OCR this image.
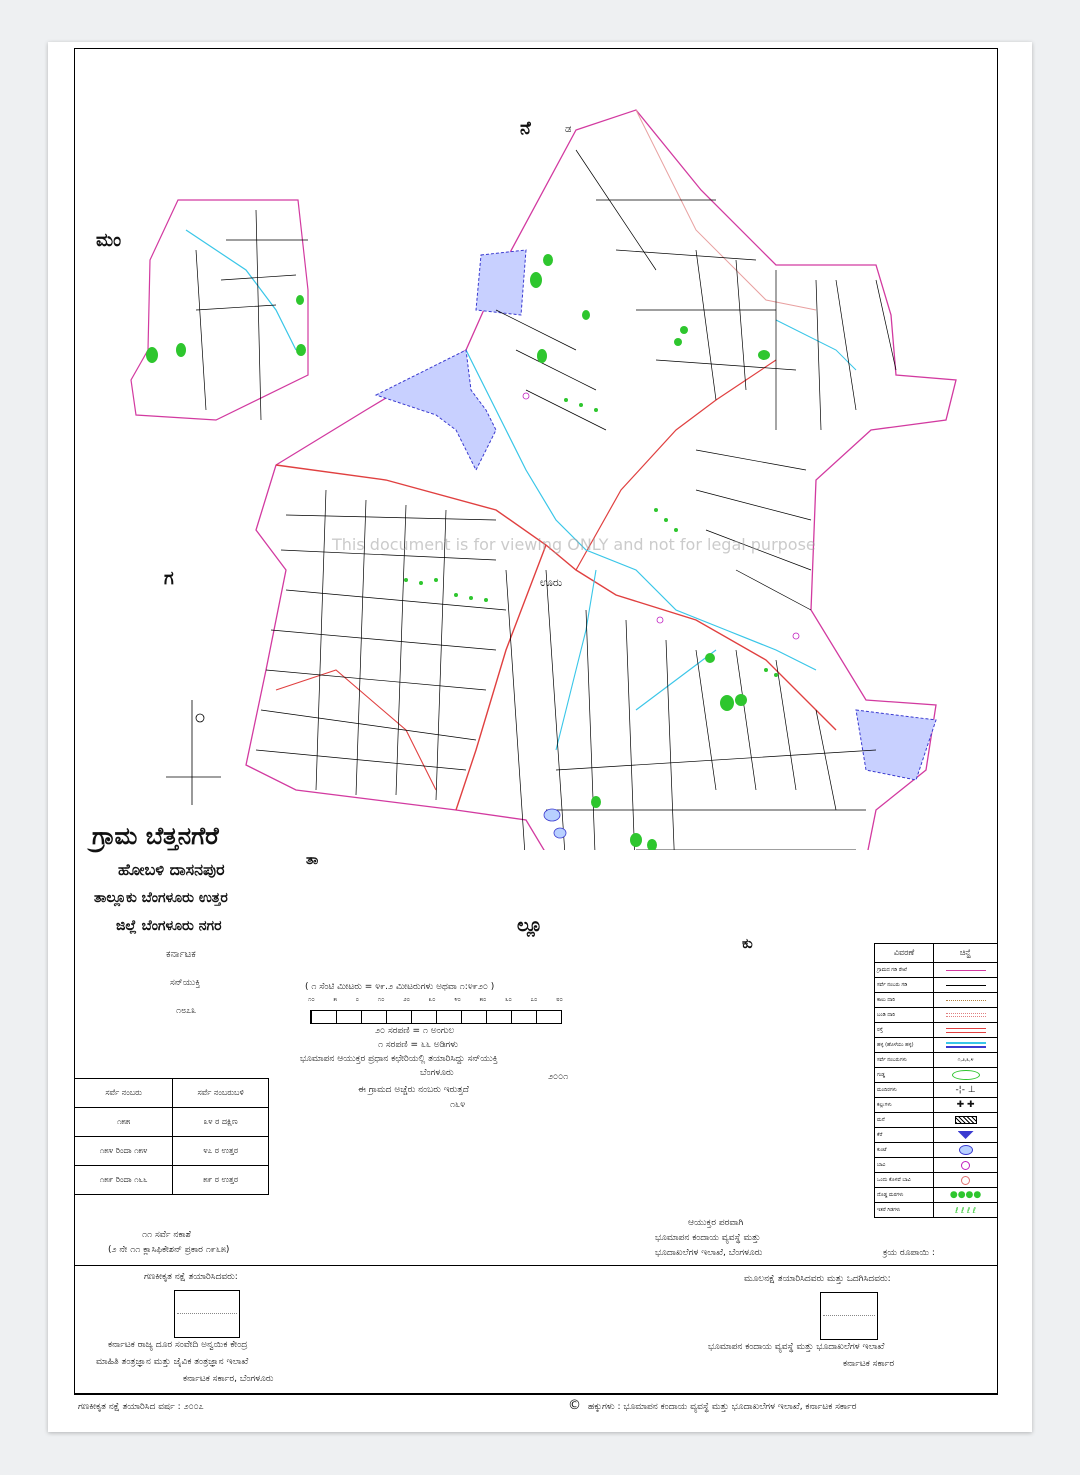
This document is for viewing ONLY and not for legal purpose
ನೆ	ಡ
ಮಂ
ಗ
ಲ್ಲೂ
ಕು
ತಾ
ಊರು
ಗ್ರಾಮ ಬೆತ್ತನಗೆರೆ
ಹೋಬಳಿ ದಾಸನಪುರ
ತಾಲ್ಲೂಕು ಬೆಂಗಳೂರು ಉತ್ತರ
ಜಿಲ್ಲೆ ಬೆಂಗಳೂರು ನಗರ
ಕರ್ನಾಟಕ
ಸನ್‌ಯುಕ್ತಿ
೧೮೭೩
( ೧ ಸೆಂಟಿ ಮೀಟರು = ೪೯.೨ ಮೀಟರುಗಳು ಅಥವಾ ೧:೪೯೨೦ )
೧೦	೫	೦	೧೦	೨೦	೩೦	೪೦	೫೦	೬೦	೭೦	೮೦
೨೦ ಸರಪಣಿ = ೧ ಅಂಗುಲ
೧ ಸರಪಣಿ = ೬೬ ಅಡಿಗಳು
ಭೂಮಾಪನ ಆಯುಕ್ತರ ಪ್ರಧಾನ ಕಛೇರಿಯಲ್ಲಿ ತಯಾರಿಸಿದ್ದು ಸನ್‌ಯುಕ್ತಿ
ಬೆಂಗಳೂರು	೨೦೦೧
ಈ ಗ್ರಾಮದ ಅಚ್ಚೆರು ನಂಬರು ಇರುತ್ತದೆ
೧೬೪
ಸರ್ವೆ ನಂಬರು	ಸರ್ವೆ ನಂಬರುಬಳಿ
೧೫೫	೩೪ ರ ದಕ್ಷಿಣ
೧೫೪ ರಿಂದಾ ೧೫೪	೪೭ ರ ಉತ್ತರ
೧೫೯ ರಿಂದಾ ೧೬೬	೫೯ ರ ಉತ್ತರ
ವಿವರಣೆ	ಚಿನ್ಹೆ
ಗ್ರಾಮದ ಗಡಿ ರೇಖೆ	

ಸರ್ವೆ ನಂಬರು ಗಡಿ	

ಕಾಲು ದಾರಿ	

ಬಂಡಿ ದಾರಿ	

ರಸ್ತೆ	

ಹಳ್ಳ (ಹೊಳೆಯು ಹಳ್ಳ)	

ಸರ್ವೆ ನಂಬರುಗಳು	೧,೨,೩,೪
ಗುಡ್ಡ	

ಮಂದಿರಗಳು	-¦- ⊥

ಕಲ್ಲುಗಳು	✚ ✚

ಮನೆ	

ಕೆರೆ	

ಕುಂಟೆ	

ಬಾವಿ	

ಒಂದು ಕೊಳವೆ ಬಾವಿ	

ದೊಡ್ಡ ಮರಗಳು	●●●●

ಇತರೆ ಗಿಡಗಳು	ℓ ℓ ℓ ℓ
೧೧ ಸರ್ವೆ ನಕಾಶೆ
(೨ ನೇ ೧೧ ಕ್ಲಾಸಿಫಿಕೇಶನ್ ಪ್ರಕಾರ ೧೯೬೫)
ಆಯುಕ್ತರ ಪರವಾಗಿ
ಭೂಮಾಪನ ಕಂದಾಯ ವ್ಯವಸ್ಥೆ ಮತ್ತು
ಭೂದಾಖಲೆಗಳ ಇಲಾಖೆ, ಬೆಂಗಳೂರು	ಕ್ರಯ ರೂಪಾಯಿ :
ಗಣಕೀಕೃತ ನಕ್ಷೆ ತಯಾರಿಸಿದವರು:	ಮೂಲನಕ್ಷೆ ತಯಾರಿಸಿದವರು ಮತ್ತು ಒದಗಿಸಿದವರು:
ಕರ್ನಾಟಕ ರಾಜ್ಯ ದೂರ ಸಂವೇದಿ ಅನ್ವಯಿಕ ಕೇಂದ್ರ
ಮಾಹಿತಿ ತಂತ್ರಜ್ಞಾನ ಮತ್ತು ಜೈವಿಕ ತಂತ್ರಜ್ಞಾನ ಇಲಾಖೆ
ಕರ್ನಾಟಕ ಸರ್ಕಾರ, ಬೆಂಗಳೂರು
ಭೂಮಾಪನ ಕಂದಾಯ ವ್ಯವಸ್ಥೆ ಮತ್ತು ಭೂದಾಖಲೆಗಳ ಇಲಾಖೆ
ಕರ್ನಾಟಕ ಸರ್ಕಾರ
ಗಣಕೀಕೃತ ನಕ್ಷೆ ತಯಾರಿಸಿದ ವರ್ಷ : ೨೦೦೭	© ಹಕ್ಕುಗಳು : ಭೂಮಾಪನ ಕಂದಾಯ ವ್ಯವಸ್ಥೆ ಮತ್ತು ಭೂದಾಖಲೆಗಳ ಇಲಾಖೆ, ಕರ್ನಾಟಕ ಸರ್ಕಾರ
